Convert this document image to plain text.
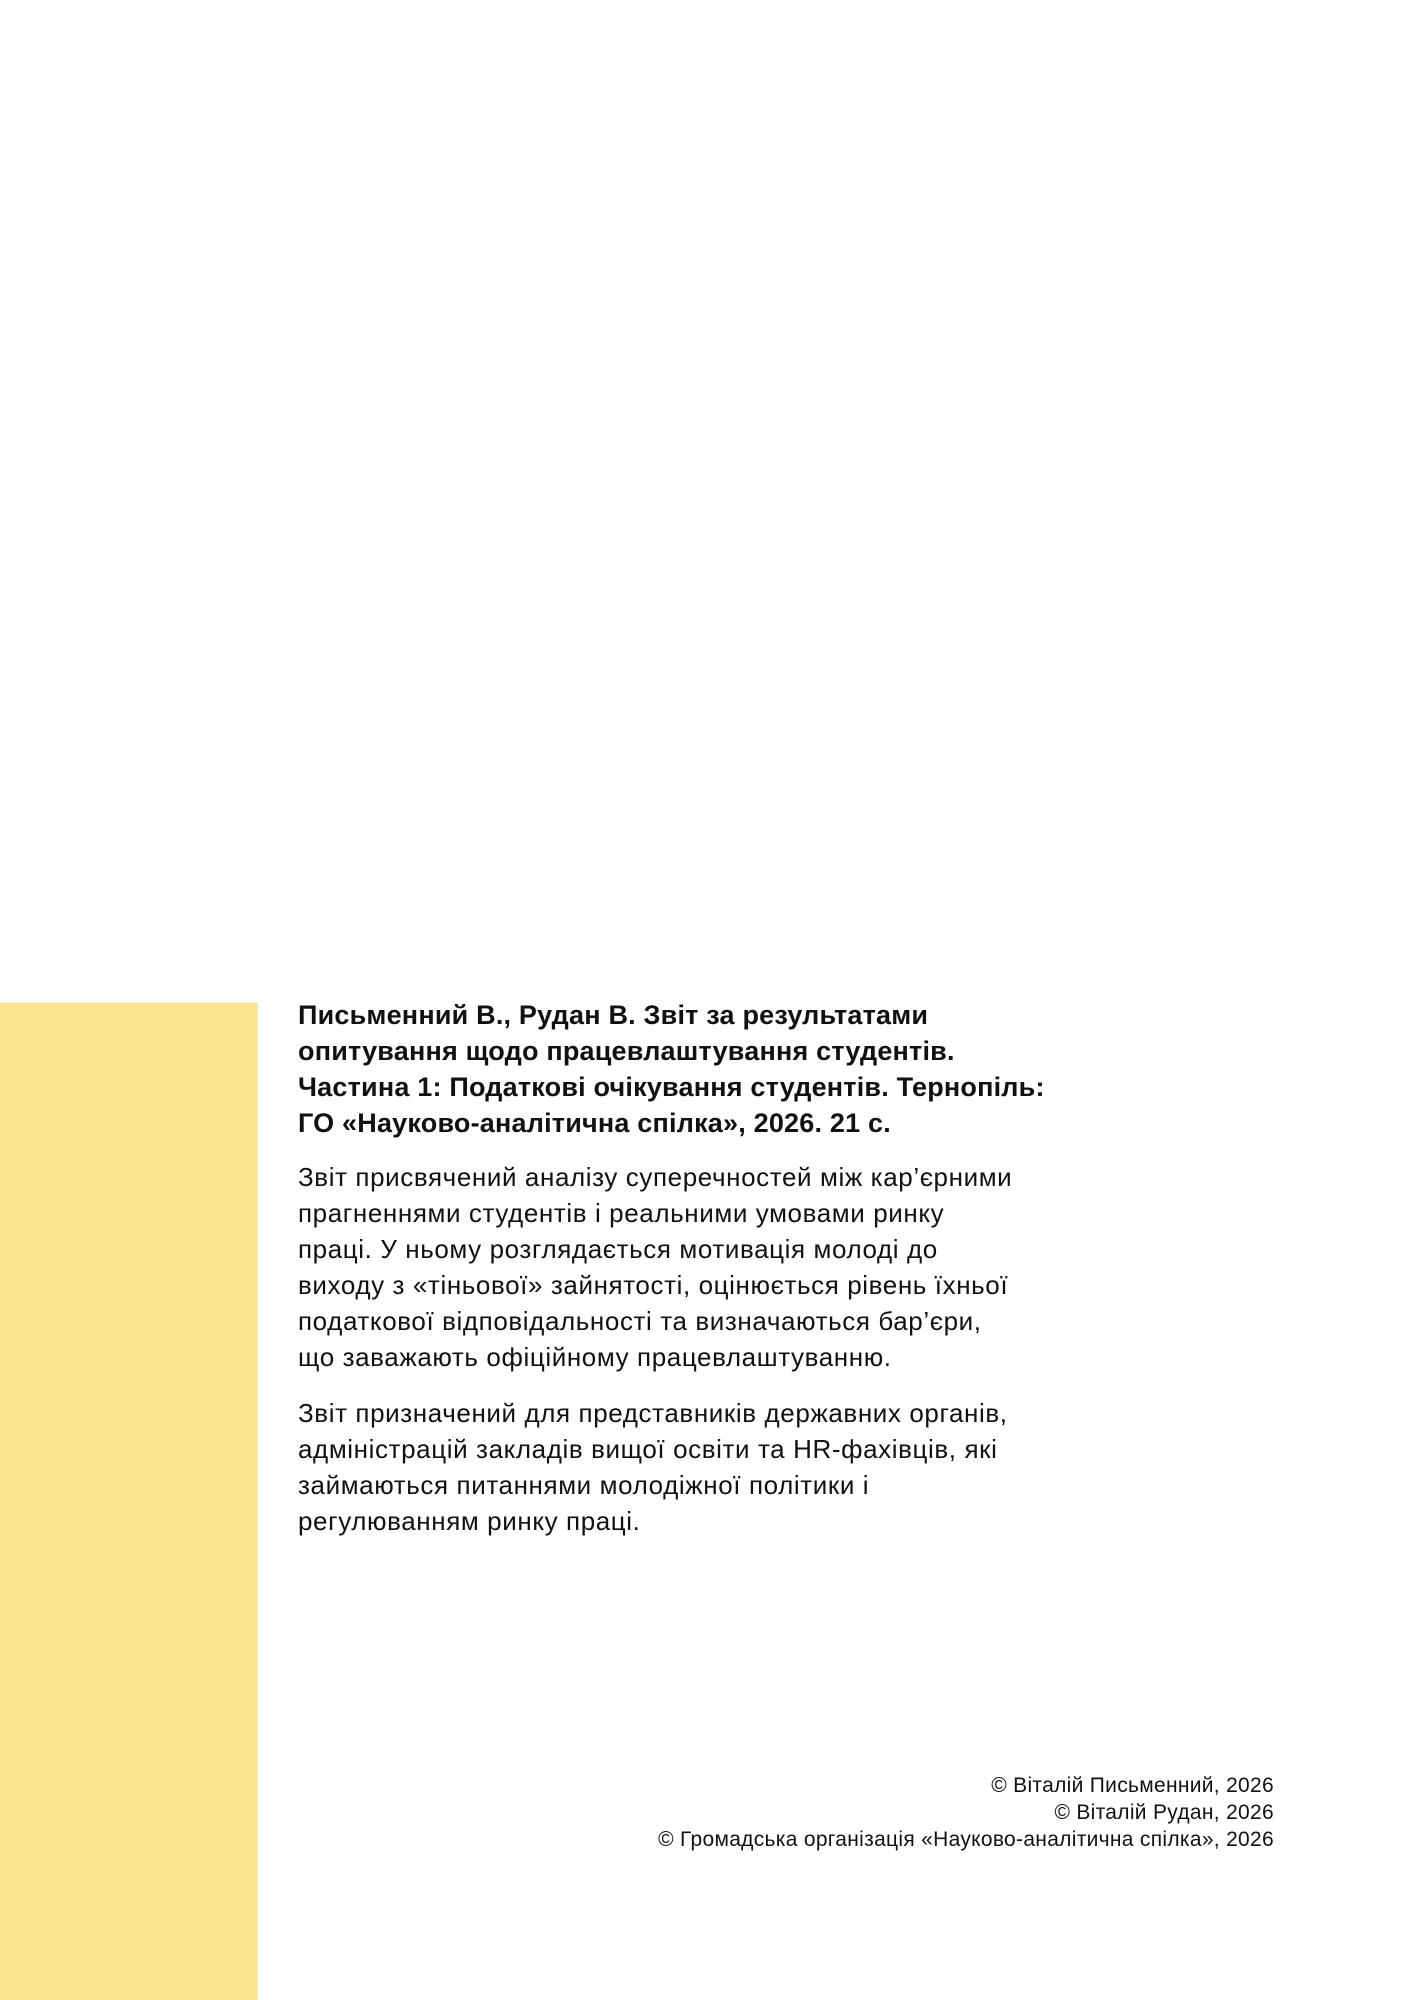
Письменний В., Рудан В. Звіт за результатами
опитування щодо працевлаштування студентів.
Частина 1: Податкові очікування студентів. Тернопіль:
ГО «Науково-аналітична спілка», 2026. 21 с.

Звіт присвячений аналізу суперечностей між кар’єрними
прагненнями студентів і реальними умовами ринку
праці. У ньому розглядається мотивація молоді до
виходу з «тіньової» зайнятості, оцінюється рівень їхньої
податкової відповідальності та визначаються бар’єри,
що заважають офіційному працевлаштуванню.

Звіт призначений для представників державних органів,
адміністрацій закладів вищої освіти та HR-фахівців, які
займаються питаннями молодіжної політики і
регулюванням ринку праці.

© Віталій Письменний, 2026
© Віталій Рудан, 2026
© Громадська організація «Науково-аналітична спілка», 2026
